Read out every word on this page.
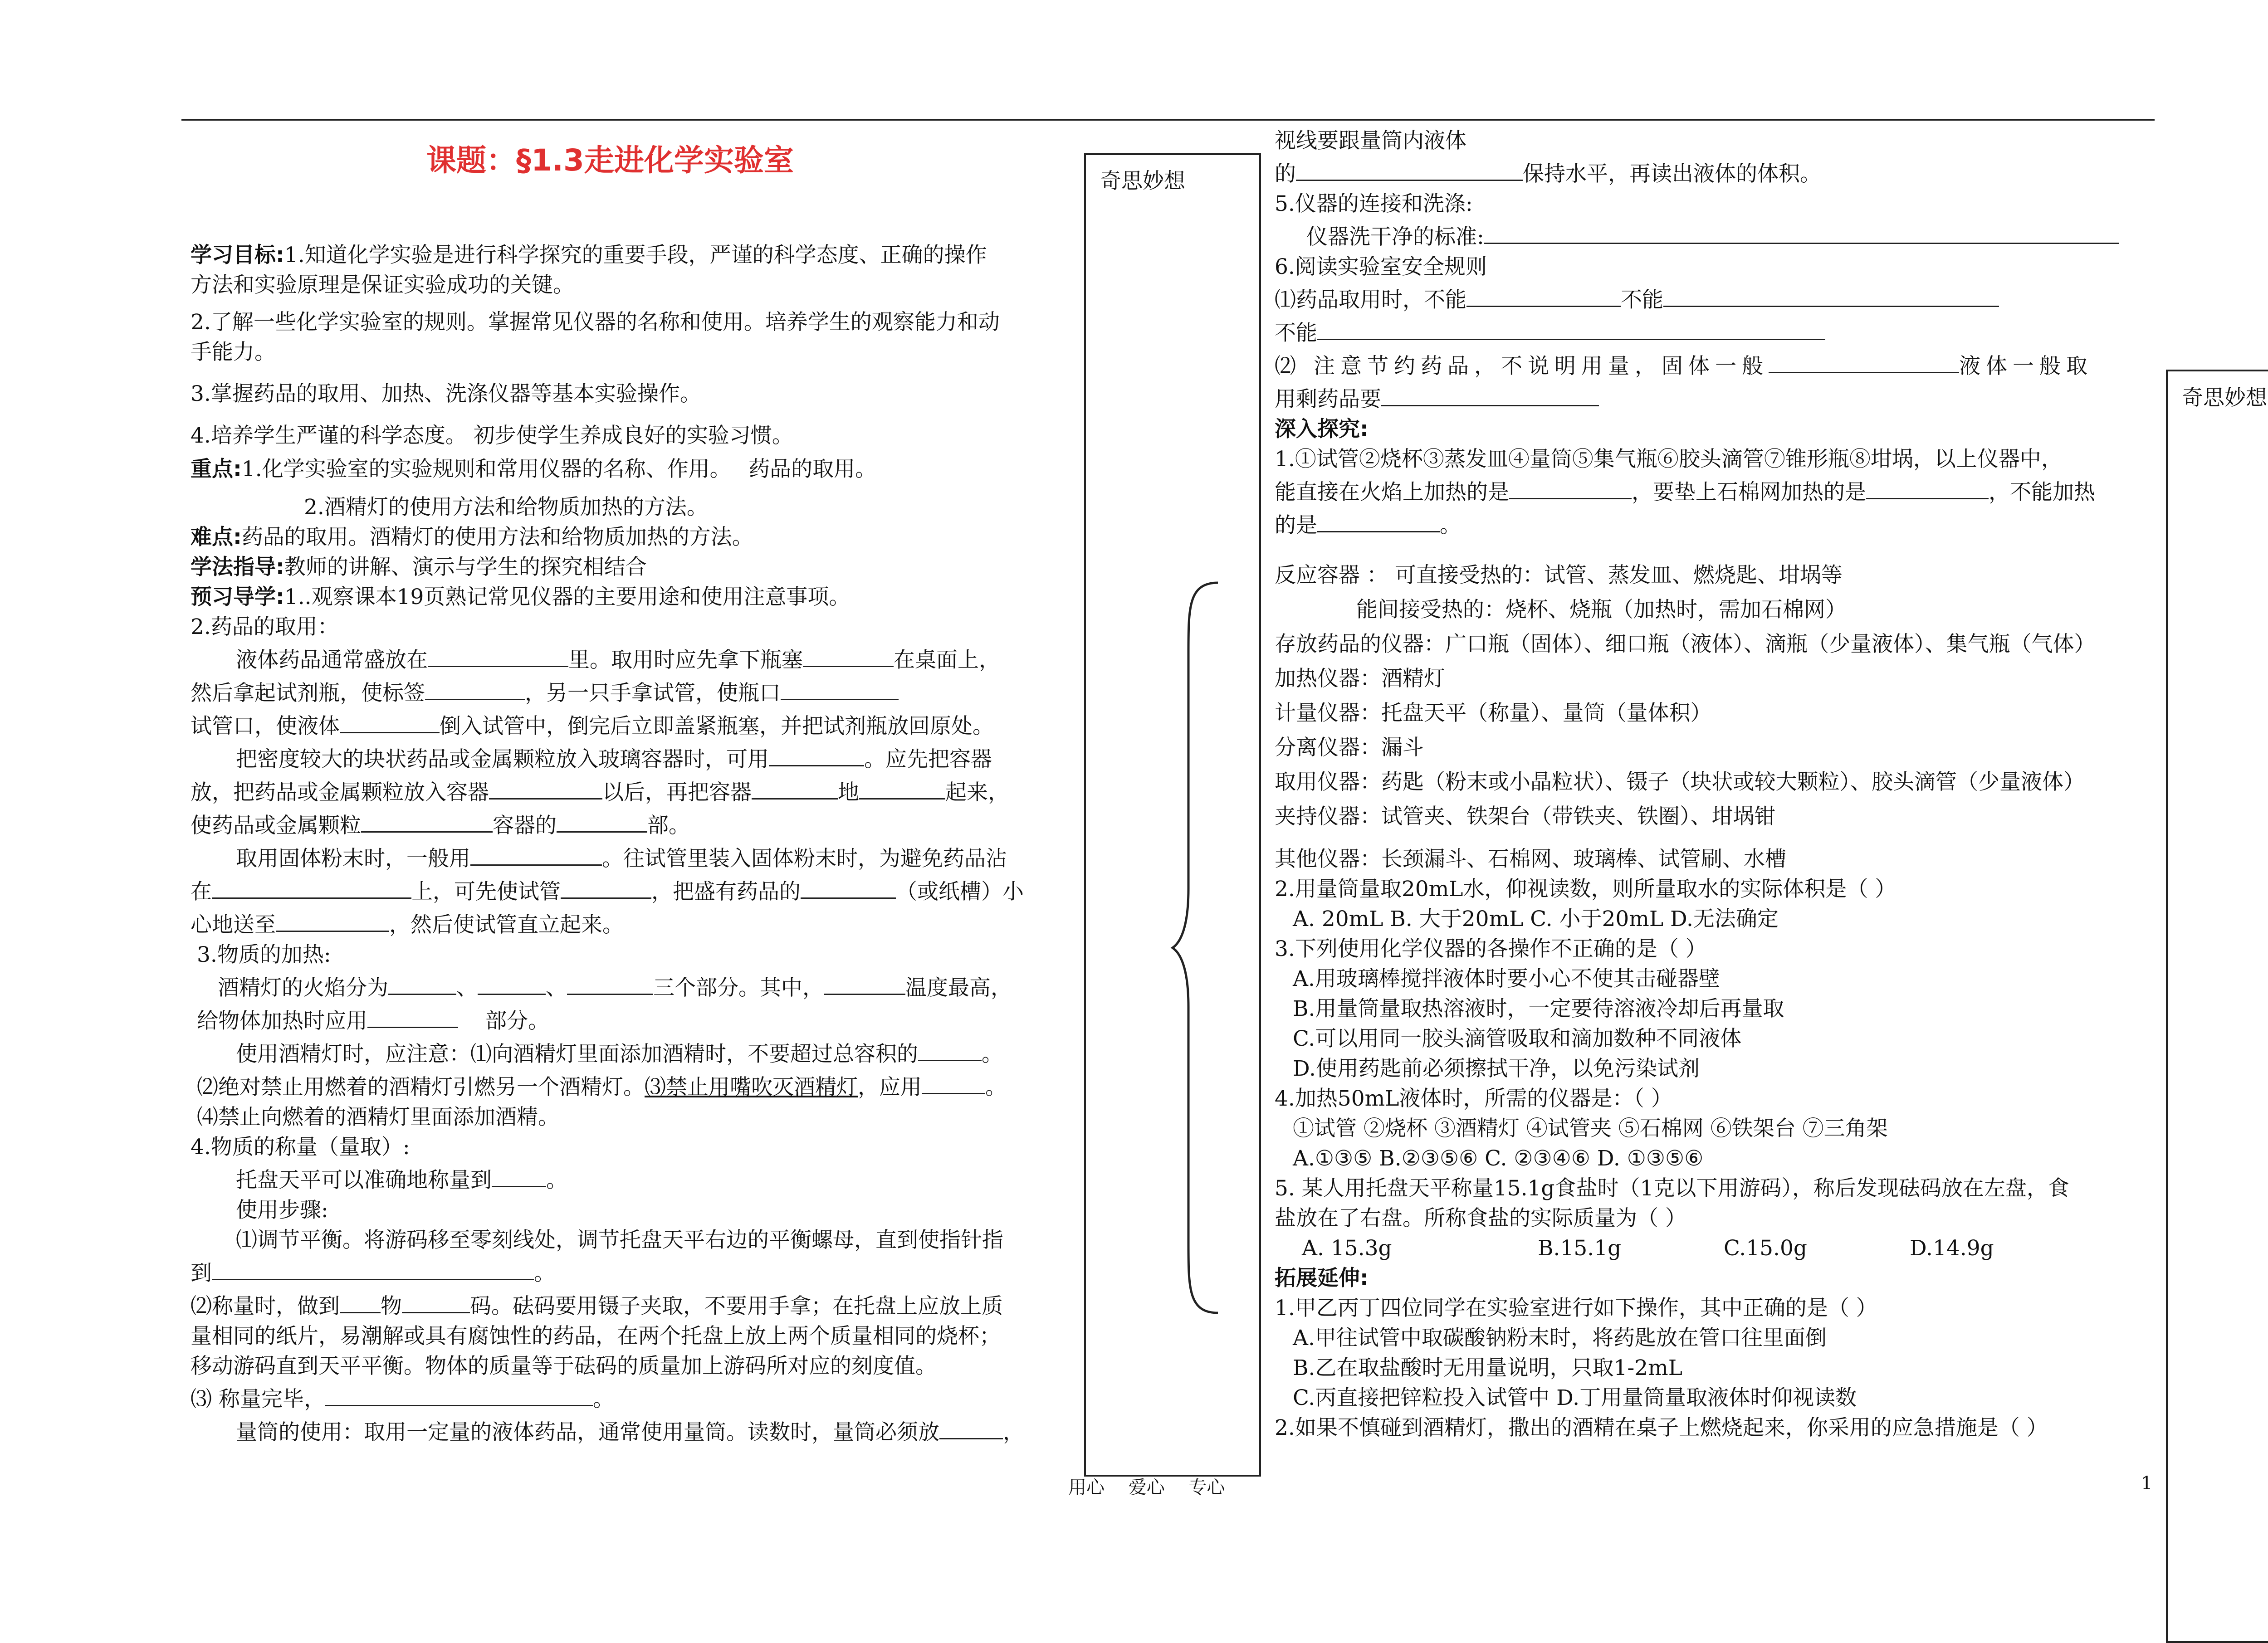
课题：§1.3走进化学实验室

学习目标:1.知道化学实验是进行科学探究的重要手段，严谨的科学态度、正确的操作

方法和实验原理是保证实验成功的关键。

2.了解一些化学实验室的规则。掌握常见仪器的名称和使用。培养学生的观察能力和动

手能力。

3.掌握药品的取用、加热、洗涤仪器等基本实验操作。

4.培养学生严谨的科学态度。 初步使学生养成良好的实验习惯。

重点:1.化学实验室的实验规则和常用仪器的名称、作用。　 药品的取用。

2.酒精灯的使用方法和给物质加热的方法。

难点:药品的取用。酒精灯的使用方法和给物质加热的方法。

学法指导:教师的讲解、演示与学生的探究相结合

预习导学:1..观察课本19页熟记常见仪器的主要用途和使用注意事项。

2.药品的取用：

液体药品通常盛放在	里。取用时应先拿下瓶塞	在桌面上，

然后拿起试剂瓶，使标签	，另一只手拿试管，使瓶口

试管口，使液体	倒入试管中，倒完后立即盖紧瓶塞，并把试剂瓶放回原处。

把密度较大的块状药品或金属颗粒放入玻璃容器时，可用	。应先把容器

放，把药品或金属颗粒放入容器	以后，再把容器	地	起来，

使药品或金属颗粒	容器的	部。

取用固体粉末时，一般用	。往试管里装入固体粉末时，为避免药品沾

在	上，可先使试管	，把盛有药品的	（或纸槽）小

心地送至	，然后使试管直立起来。

3.物质的加热:

酒精灯的火焰分为	、	、	三个部分。其中，	温度最高，

给物体加热时应用	部分。

使用酒精灯时，应注意：⑴向酒精灯里面添加酒精时，不要超过总容积的	。

⑵绝对禁止用燃着的酒精灯引燃另一个酒精灯。⑶禁止用嘴吹灭酒精灯，应用	。

⑷禁止向燃着的酒精灯里面添加酒精。

4.物质的称量（量取）:

托盘天平可以准确地称量到	。

使用步骤:

⑴调节平衡。将游码移至零刻线处，调节托盘天平右边的平衡螺母，直到使指针指

到	。

⑵称量时，做到 物	码。砝码要用镊子夹取，不要用手拿；在托盘上应放上质

量相同的纸片，易潮解或具有腐蚀性的药品，在两个托盘上放上两个质量相同的烧杯；

移动游码直到天平平衡。物体的质量等于砝码的质量加上游码所对应的刻度值。

⑶ 称量完毕，	。

量筒的使用：取用一定量的液体药品，通常使用量筒。读数时，量筒必须放	，

奇思妙想
奇思妙想

视线要跟量筒内液体

的	保持水平，再读出液体的体积。

5.仪器的连接和洗涤:

仪器洗干净的标准:

6.阅读实验室安全规则

⑴药品取用时，不能	不能

不能

⑵ 注意节约药品，不说明用量，固体一般	液体一般取

用剩药品要

深入探究:

1.①试管②烧杯③蒸发皿④量筒⑤集气瓶⑥胶头滴管⑦锥形瓶⑧坩埚，以上仪器中，

能直接在火焰上加热的是	，要垫上石棉网加热的是	，不能加热

的是	。

反应容器 ： 可直接受热的：试管、蒸发皿、燃烧匙、坩埚等

能间接受热的：烧杯、烧瓶（加热时，需加石棉网）

存放药品的仪器：广口瓶（固体）、细口瓶（液体）、滴瓶（少量液体）、集气瓶（气体）

加热仪器：酒精灯

计量仪器：托盘天平（称量）、量筒（量体积）

分离仪器：漏斗

取用仪器：药匙（粉末或小晶粒状）、镊子（块状或较大颗粒）、胶头滴管（少量液体）

夹持仪器：试管夹、铁架台（带铁夹、铁圈）、坩埚钳

其他仪器：长颈漏斗、石棉网、玻璃棒、试管刷、水槽

2.用量筒量取20mL水，仰视读数，则所量取水的实际体积是（ ）

A. 20mL B. 大于20mL C. 小于20mL D.无法确定

3.下列使用化学仪器的各操作不正确的是（ ）

A.用玻璃棒搅拌液体时要小心不使其击碰器壁

B.用量筒量取热溶液时，一定要待溶液冷却后再量取

C.可以用同一胶头滴管吸取和滴加数种不同液体

D.使用药匙前必须擦拭干净，以免污染试剂

4.加热50mL液体时，所需的仪器是：（ ）

①试管 ②烧杯 ③酒精灯 ④试管夹 ⑤石棉网 ⑥铁架台 ⑦三角架

A.①③⑤ B.②③⑤⑥ C. ②③④⑥ D. ①③⑤⑥

5. 某人用托盘天平称量15.1g食盐时（1克以下用游码），称后发现砝码放在左盘，食

盐放在了右盘。所称食盐的实际质量为（ ）

A. 15.3g	B.15.1g	C.15.0g	D.14.9g

拓展延伸:

1.甲乙丙丁四位同学在实验室进行如下操作，其中正确的是（ ）

A.甲往试管中取碳酸钠粉末时，将药匙放在管口往里面倒

B.乙在取盐酸时无用量说明，只取1-2mL

C.丙直接把锌粒投入试管中 D.丁用量筒量取液体时仰视读数

2.如果不慎碰到酒精灯，撒出的酒精在桌子上燃烧起来，你采用的应急措施是（ ）

用心　 爱心　 专心	1
